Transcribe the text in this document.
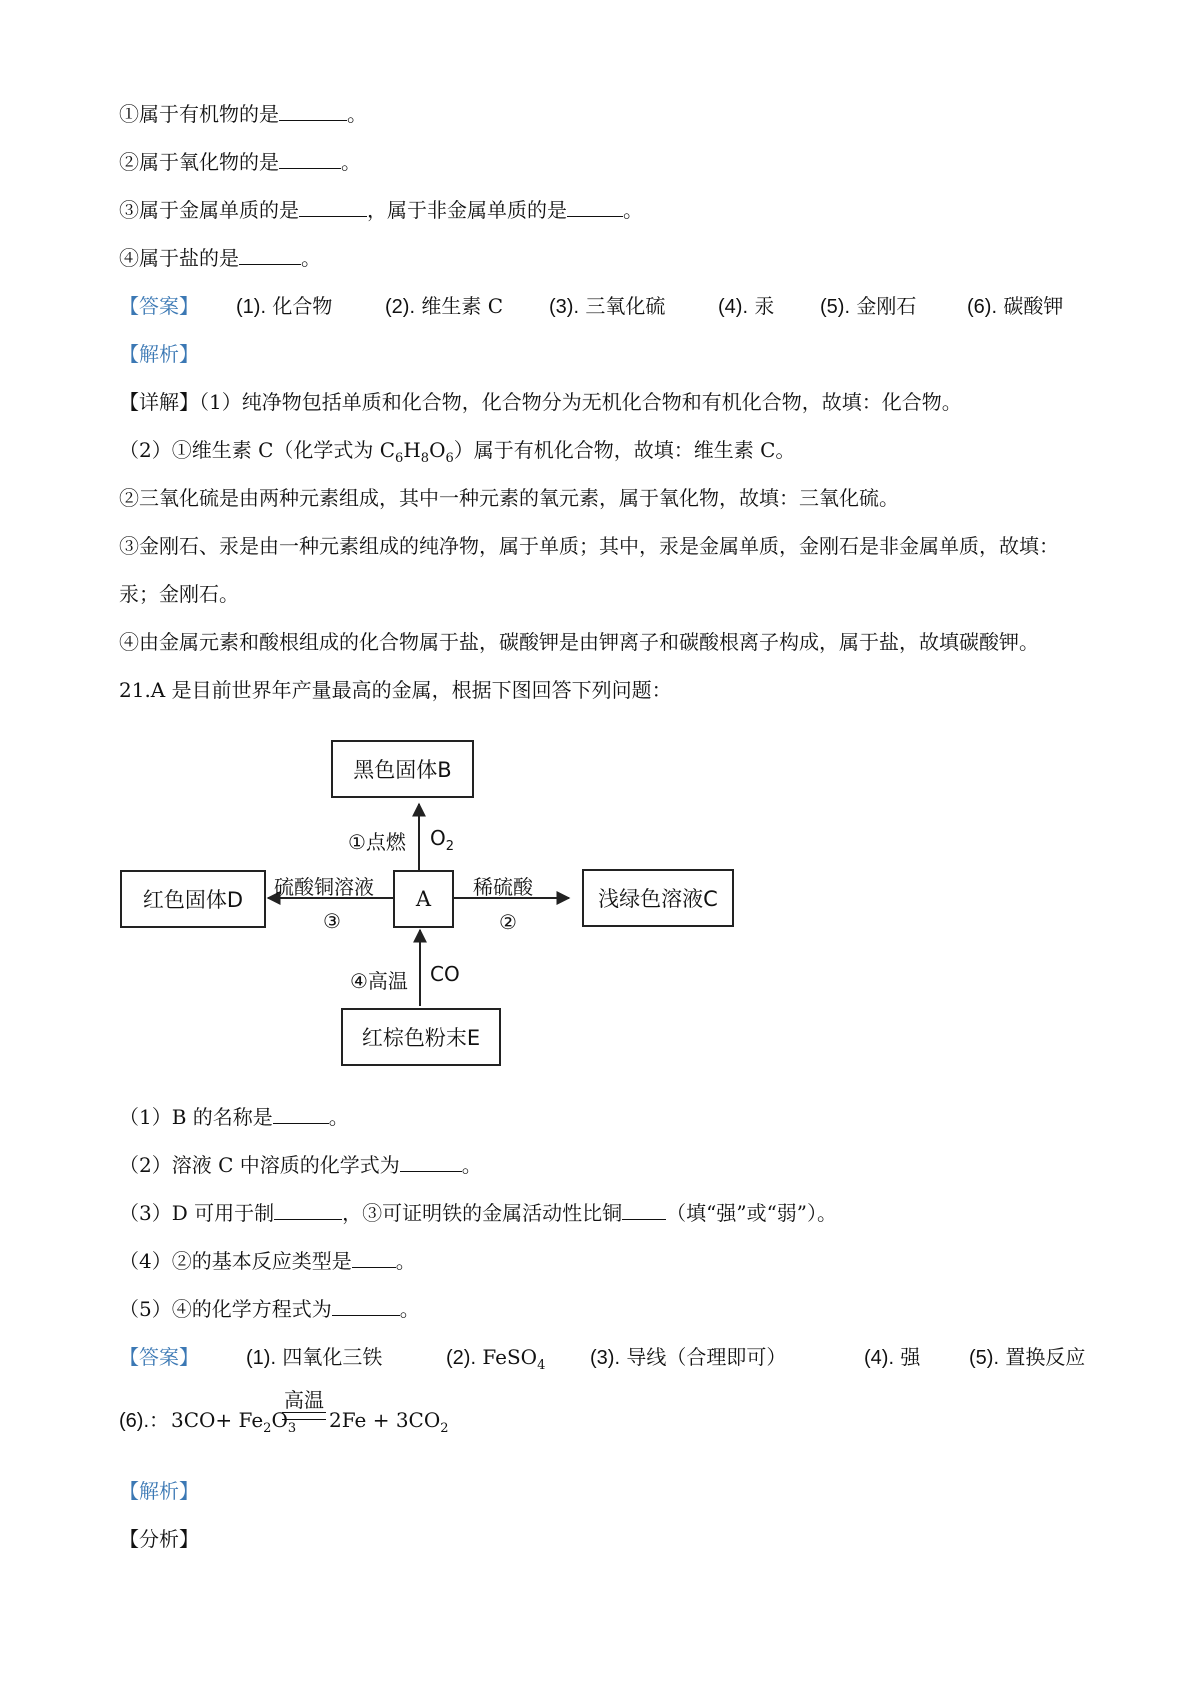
①属于有机物的是	。
②属于氧化物的是	。
③属于金属单质的是	，属于非金属单质的是	。
④属于盐的是	。
【答案】 (1). 化合物	(2). 维生素 C (3). 三氧化硫	(4). 汞 (5). 金刚石	(6). 碳酸钾
【解析】
【详解】（1）纯净物包括单质和化合物，化合物分为无机化合物和有机化合物，故填：化合物。
（2）①维生素 C（化学式为 $C_6H_8O_6$）属于有机化合物，故填：维生素 C。
②三氧化硫是由两种元素组成，其中一种元素的氧元素，属于氧化物，故填：三氧化硫。
③金刚石、汞是由一种元素组成的纯净物，属于单质；其中，汞是金属单质，金刚石是非金属单质，故填：
汞；金刚石。
④由金属元素和酸根组成的化合物属于盐，碳酸钾是由钾离子和碳酸根离子构成，属于盐，故填碳酸钾。
21.A 是目前世界年产量最高的金属，根据下图回答下列问题：
黑色固体B
A	浅绿色溶液C
红色固体D
红棕色粉末E
①点燃 $O_2$
稀硫酸
②
硫酸铜溶液
③
④高温 CO
（1）B 的名称是	。
（2）溶液 C 中溶质的化学式为	。
（3）D 可用于制	，③可证明铁的金属活动性比铜 （填“强”或“弱”）。
（4）②的基本反应类型是 。
（5）④的化学方程式为	。
【答案】 (1). 四氧化三铁	(2). FeSO$_4$ (3). 导线（合理即可）	(4). 强 (5). 置换反应
高温
(6).： $3CO+ Fe_2O_3$ $2Fe + 3CO_2$
【解析】
【分析】
